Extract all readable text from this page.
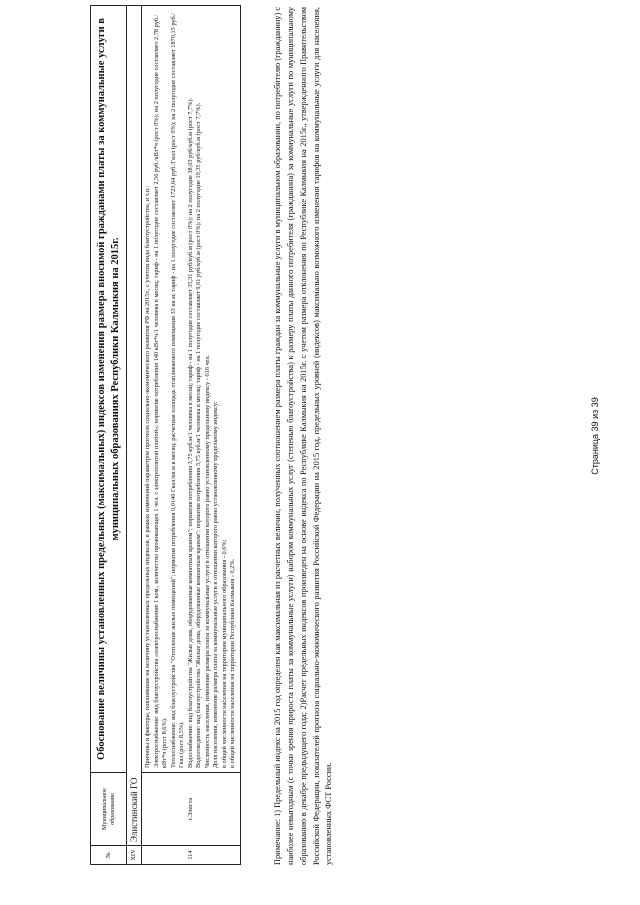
№
Муниципальное образование
Обоснование величины установленных предельных (максимальных) индексов изменения размера вносимой гражданами платы за коммунальные услуги в муниципальных образованиях Республики Калмыкия на 2015г.
XIV
Элистинский ГО
114
г.Элиста
Причины и факторы, повлиявшие на величину установленных предельных индексов, в рамках изменений параметров прогноза социально-экономического развития РФ на 2015г., с учетом вида благоустройства, и т.п.: Электроснабжение: вид благоустройства «электроснабжение 1 ком., количество проживающих 1 чел. с электроплитой плитой»; норматив потребления 140 кВт*ч/1 человека в месяц; тариф - на 1 полугодие составляет 2,56 руб./кВт*ч (рост 0%); на 2 полугодие составляет 2,78 руб./кВт*ч (рост 8,6%). Теплоснабжение: вид благоустройства "Отопление жилых помещений"; норматив потребления 0,0146 Гкал/кв.м в месяц; расчетная площадь отапливаемого помещения 33 кв.м; тариф - на 1 полугодие составляет 1723,64 руб./Гкал (рост 0%); на 2 полугодие составляет 1870,15 руб./Гкал (рост 8,5%). Водоснабжение: вид благоустройства "Жилые дома, оборудованные комнатным краном"; норматив потребления 3,75 куб.м/1 человека в месяц; тариф - на 1 полугодие составляет 35,31 руб/куб.м (рост 0%); на 2 полугодие 38,03 руб/куб.м (рост 7,7%). Водоотведение: вид благоустройства "Жилые дома, оборудованные комнатным краном"; норматив потребления 3,75 куб.м/1 человека в месяц; тариф - на 1 полугодие составляет 9,61 руб/куб.м (рост 0%); на 2 полугодие 10,35 руб/куб.м (рост 7,7%). Численность населения, изменение размера платы за коммунальные услуги в отношении которого равно установленному предельному индексу - 616 чел. Доля населения, изменение размера платы за коммунальные услуги в отношении которого равно установленному предельному индексу: в общей численности населения на территории муниципального образования - 0,6%; в общей численности населения на территории Республики Калмыкия - 0,2%.	Примечание: 1) Предельный индекс на 2015 год определен как максимальная из расчетных величин, полученных соотношением размера платы граждан за коммунальные услуги в муниципальном образовании, по потребителю (гражданину) с наиболее невыгодным (с точки зрения прироста платы за коммунальные услуги) набором коммунальных услуг (степенью благоустройства) к размеру платы данного потребителя (гражданина) за коммунальные услуги по муниципальному образованию в декабре предыдущего года; 2)Расчет предельных индексов произведен на основе индекса по Республике Калмыкия на 2015г. с учетом размера отклонения по Республике Калмыкия на 2015г., утвержденного Правительством Российской Федерации, показателей прогноза социально-экономического развития Российской Федерации на 2015 год, предельных уровней (индексов) максимально возможного изменения тарифов на коммунальные услуги для населения, установленных ФСТ России.
Страница 39 из 39
